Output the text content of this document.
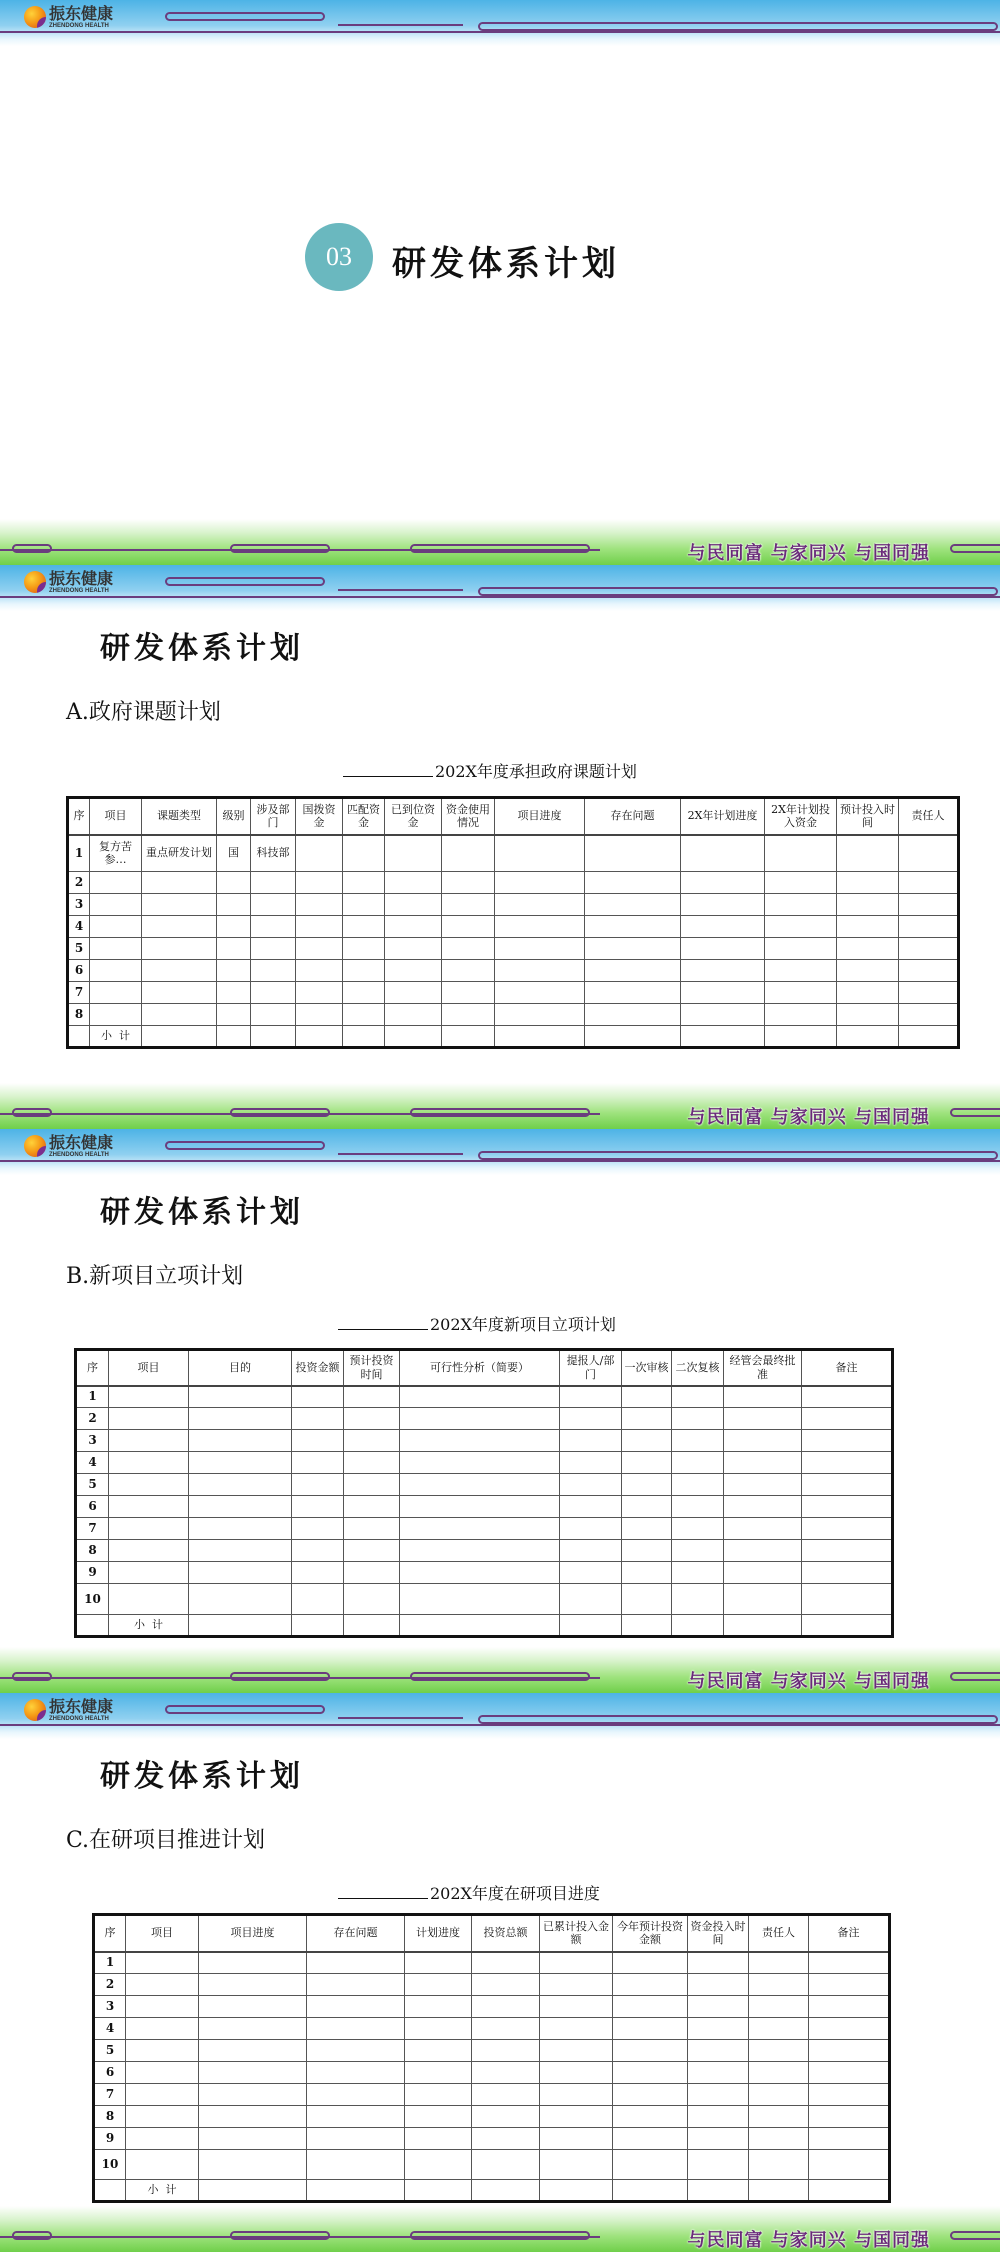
振东健康
ZHENDONG HEALTH
03	研发体系计划
与民同富 与家同兴 与国同强
振东健康
ZHENDONG HEALTH
研发体系计划
A.政府课题计划
202X年度承担政府课题计划
序	项目	课题类型	级别	涉及部门	国拨资金	匹配资金	已到位资金	资金使用情况	项目进度	存在问题	2X年计划进度	2X年计划投入资金	预计投入时间	责任人
1	复方苦参…	重点研发计划	国	科技部										
2														
3														
4														
5														
6														
7														
8														
	小  计													
与民同富 与家同兴 与国同强
振东健康
ZHENDONG HEALTH
研发体系计划
B.新项目立项计划
202X年度新项目立项计划
序	项目	目的	投资金额	预计投资时间	可行性分析（简要）	提报人/部门	一次审核	二次复核	经管会最终批准	备注
1										
2										
3										
4										
5										
6										
7										
8										
9										
10										
	小  计									
与民同富 与家同兴 与国同强
振东健康
ZHENDONG HEALTH
研发体系计划
C.在研项目推进计划
202X年度在研项目进度
序	项目	项目进度	存在问题	计划进度	投资总额	已累计投入金额	今年预计投资金额	资金投入时间	责任人	备注
1										
2										
3										
4										
5										
6										
7										
8										
9										
10										
	小  计									
与民同富 与家同兴 与国同强
